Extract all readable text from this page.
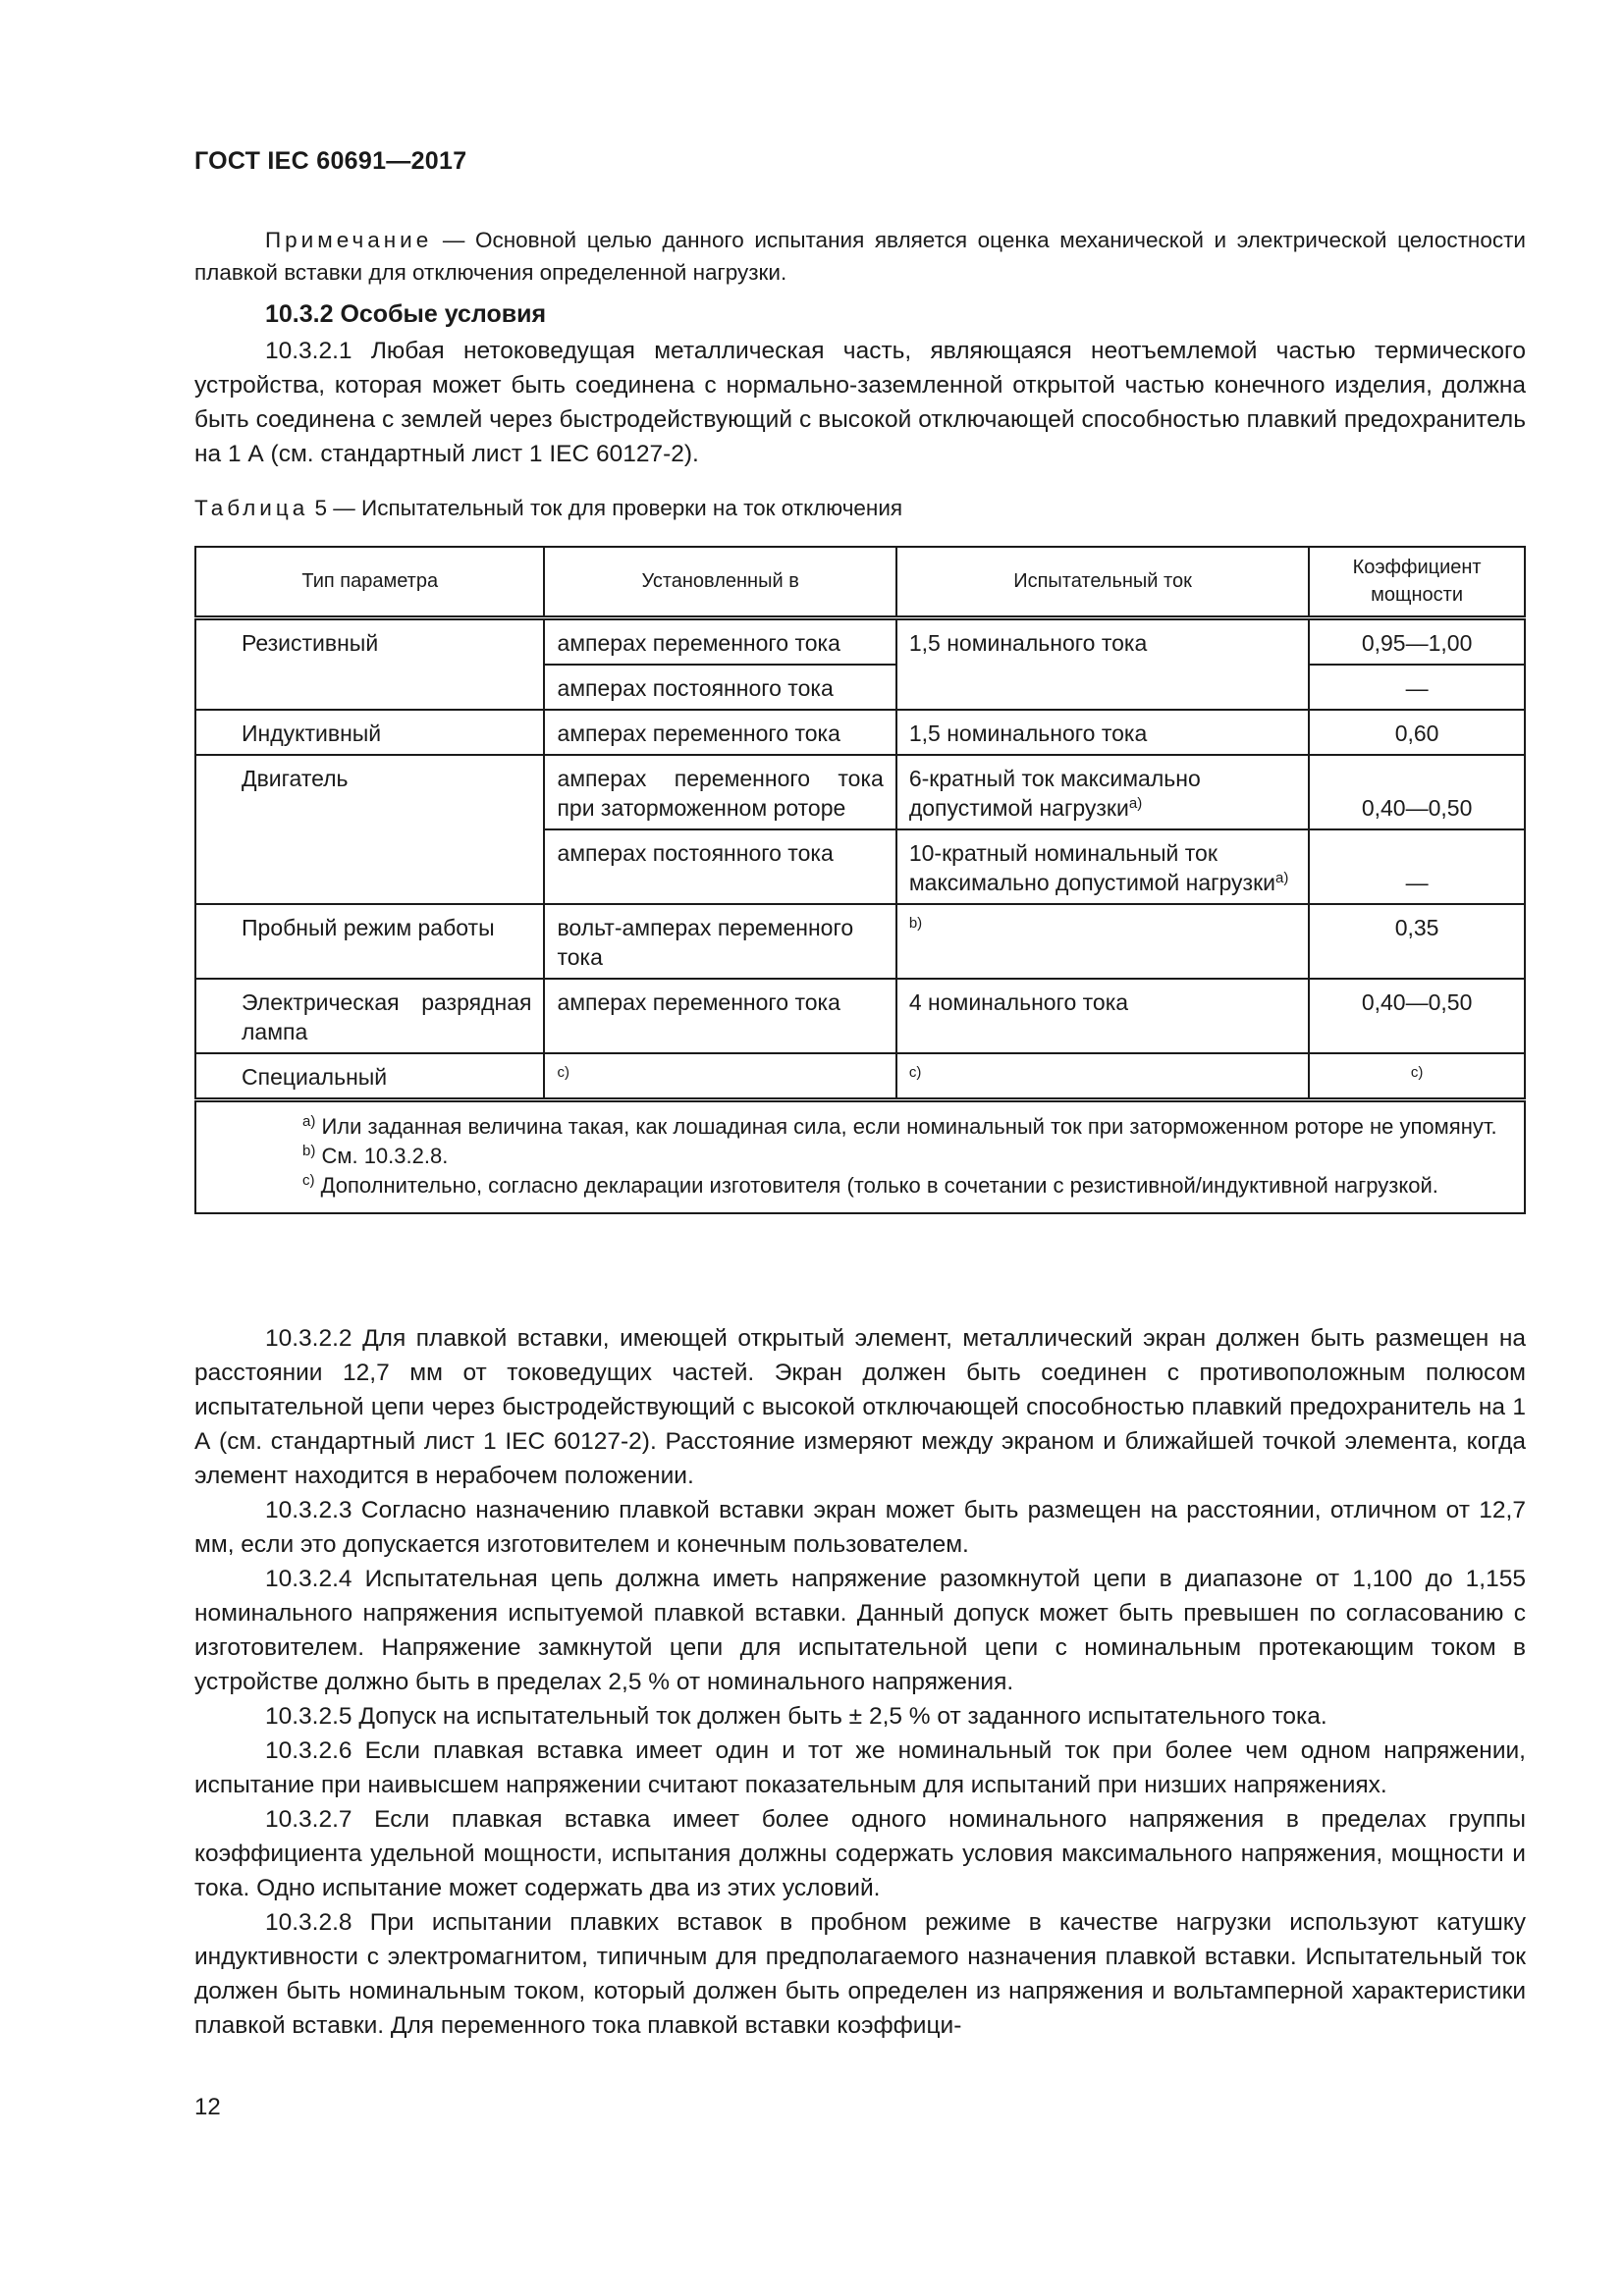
ГОСТ IEC 60691—2017
Примечание — Основной целью данного испытания является оценка механической и электрической целостности плавкой вставки для отключения определенной нагрузки.
10.3.2 Особые условия

10.3.2.1 Любая нетоковедущая металлическая часть, являющаяся неотъемлемой частью термического устройства, которая может быть соединена с нормально-заземленной открытой частью конечного изделия, должна быть соединена с землей через быстродействующий с высокой отключающей способностью плавкий предохранитель на 1 А (см. стандартный лист 1 IEC 60127-2).

Таблица 5 — Испытательный ток для проверки на ток отключения
Тип параметра	Установленный в	Испытательный ток	Коэффициент мощности
Резистивный	амперах переменного тока	1,5 номинального тока	0,95—1,00
	амперах постоянного тока		—
Индуктивный	амперах переменного тока	1,5 номинального тока	0,60
Двигатель	амперах переменного тока при заторможенном роторе	6-кратный ток максимально допустимой нагрузки$^{a)}$	0,40—0,50
	амперах постоянного тока	10-кратный номинальный ток максимально допустимой нагрузки$^{a)}$	—
Пробный режим работы	вольт-амперах переменного тока	$^{b)}$	0,35
Электрическая разрядная лампа	амперах переменного тока	4 номинального тока	0,40—0,50
Специальный	$^{c)}$	$^{c)}$	$^{c)}$

$^{a)}$ Или заданная величина такая, как лошадиная сила, если номинальный ток при заторможенном роторе не упомянут.
$^{b)}$ См. 10.3.2.8.
$^{c)}$ Дополнительно, согласно декларации изготовителя (только в сочетании с резистивной/индуктивной нагрузкой.			

10.3.2.2 Для плавкой вставки, имеющей открытый элемент, металлический экран должен быть размещен на расстоянии 12,7 мм от токоведущих частей. Экран должен быть соединен с противоположным полюсом испытательной цепи через быстродействующий с высокой отключающей способностью плавкий предохранитель на 1 А (см. стандартный лист 1 IEC 60127-2). Расстояние измеряют между экраном и ближайшей точкой элемента, когда элемент находится в нерабочем положении.

10.3.2.3 Согласно назначению плавкой вставки экран может быть размещен на расстоянии, отличном от 12,7 мм, если это допускается изготовителем и конечным пользователем.

10.3.2.4 Испытательная цепь должна иметь напряжение разомкнутой цепи в диапазоне от 1,100 до 1,155 номинального напряжения испытуемой плавкой вставки. Данный допуск может быть превышен по согласованию с изготовителем. Напряжение замкнутой цепи для испытательной цепи с номинальным протекающим током в устройстве должно быть в пределах 2,5 % от номинального напряжения.

10.3.2.5 Допуск на испытательный ток должен быть ± 2,5 % от заданного испытательного тока.

10.3.2.6 Если плавкая вставка имеет один и тот же номинальный ток при более чем одном напряжении, испытание при наивысшем напряжении считают показательным для испытаний при низших напряжениях.

10.3.2.7 Если плавкая вставка имеет более одного номинального напряжения в пределах группы коэффициента удельной мощности, испытания должны содержать условия максимального напряжения, мощности и тока. Одно испытание может содержать два из этих условий.

10.3.2.8 При испытании плавких вставок в пробном режиме в качестве нагрузки используют катушку индуктивности с электромагнитом, типичным для предполагаемого назначения плавкой вставки. Испытательный ток должен быть номинальным током, который должен быть определен из напряжения и вольтамперной характеристики плавкой вставки. Для переменного тока плавкой вставки коэффици-

12
